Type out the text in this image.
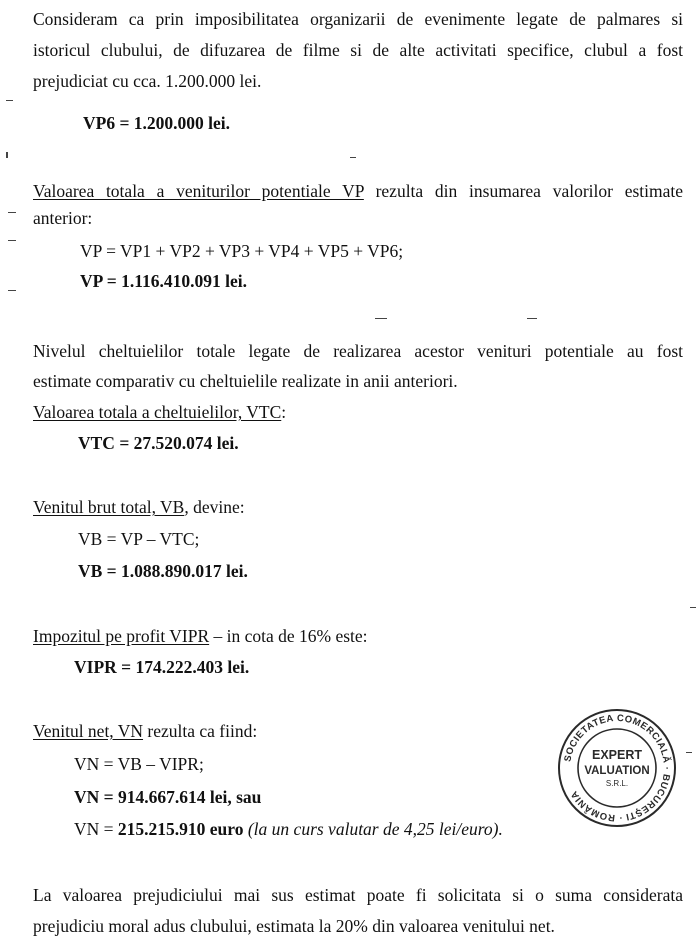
Consideram ca prin imposibilitatea organizarii de evenimente legate de palmares si

istoricul clubului, de difuzarea de filme si de alte activitati specifice, clubul a fost

prejudiciat cu cca. 1.200.000 lei.

VP6 = 1.200.000 lei.

Valoarea totala a veniturilor potentiale VP rezulta din insumarea valorilor estimate

anterior:

VP = VP1 + VP2 + VP3 + VP4 + VP5 + VP6;

VP = 1.116.410.091 lei.

Nivelul cheltuielilor totale legate de realizarea acestor venituri potentiale au fost

estimate comparativ cu cheltuielile realizate in anii anteriori.

Valoarea totala a cheltuielilor, VTC:

VTC = 27.520.074 lei.

Venitul brut total, VB, devine:

VB = VP – VTC;

VB = 1.088.890.017 lei.

Impozitul pe profit VIPR – in cota de 16% este:

VIPR = 174.222.403 lei.

Venitul net, VN rezulta ca fiind:

VN = VB – VIPR;

VN = 914.667.614 lei, sau

VN = 215.215.910 euro (la un curs valutar de 4,25 lei/euro).

La valoarea prejudiciului mai sus estimat poate fi solicitata si o suma considerata

prejudiciu moral adus clubului, estimata la 20% din valoarea venitului net.

SOCIETATEA COMERCIALĂ · BUCUREŞTI · ROMÂNIA
EXPERT
VALUATION
S.R.L.
